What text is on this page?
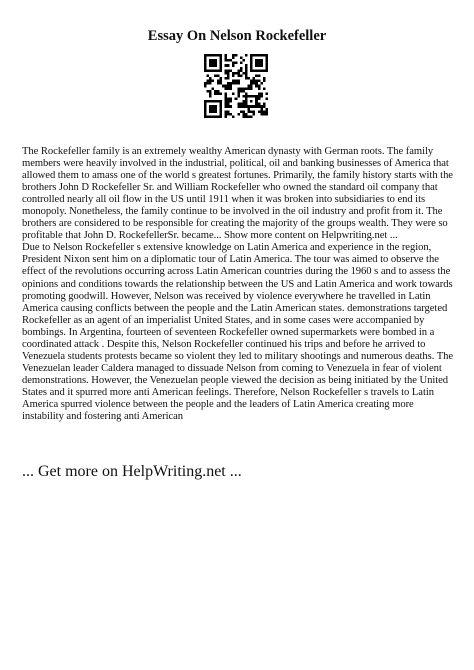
Essay On Nelson Rockefeller

The Rockefeller family is an extremely wealthy American dynasty with German roots. The family members were heavily involved in the industrial, political, oil and banking businesses of America that allowed them to amass one of the world s greatest fortunes. Primarily, the family history starts with the brothers John D Rockefeller Sr. and William Rockefeller who owned the standard oil company that controlled nearly all oil flow in the US until 1911 when it was broken into subsidiaries to end its monopoly. Nonetheless, the family continue to be involved in the oil industry and profit from it. The brothers are considered to be responsible for creating the majority of the groups wealth. They were so profitable that John D. RockefellerSr. became... Show more content on Helpwriting.net ...

Due to Nelson Rockefeller s extensive knowledge on Latin America and experience in the region, President Nixon sent him on a diplomatic tour of Latin America. The tour was aimed to observe the effect of the revolutions occurring across Latin American countries during the 1960 s and to assess the opinions and conditions towards the relationship between the US and Latin America and work towards promoting goodwill. However, Nelson was received by violence everywhere he travelled in Latin America causing conflicts between the people and the Latin American states. demonstrations targeted Rockefeller as an agent of an imperialist United States, and in some cases were accompanied by bombings. In Argentina, fourteen of seventeen Rockefeller owned supermarkets were bombed in a coordinated attack . Despite this, Nelson Rockefeller continued his trips and before he arrived to Venezuela students protests became so violent they led to military shootings and numerous deaths. The Venezuelan leader Caldera managed to dissuade Nelson from coming to Venezuela in fear of violent demonstrations. However, the Venezuelan people viewed the decision as being initiated by the United States and it spurred more anti American feelings. Therefore, Nelson Rockefeller s travels to Latin America spurred violence between the people and the leaders of Latin America creating more instability and fostering anti American

... Get more on HelpWriting.net ...
